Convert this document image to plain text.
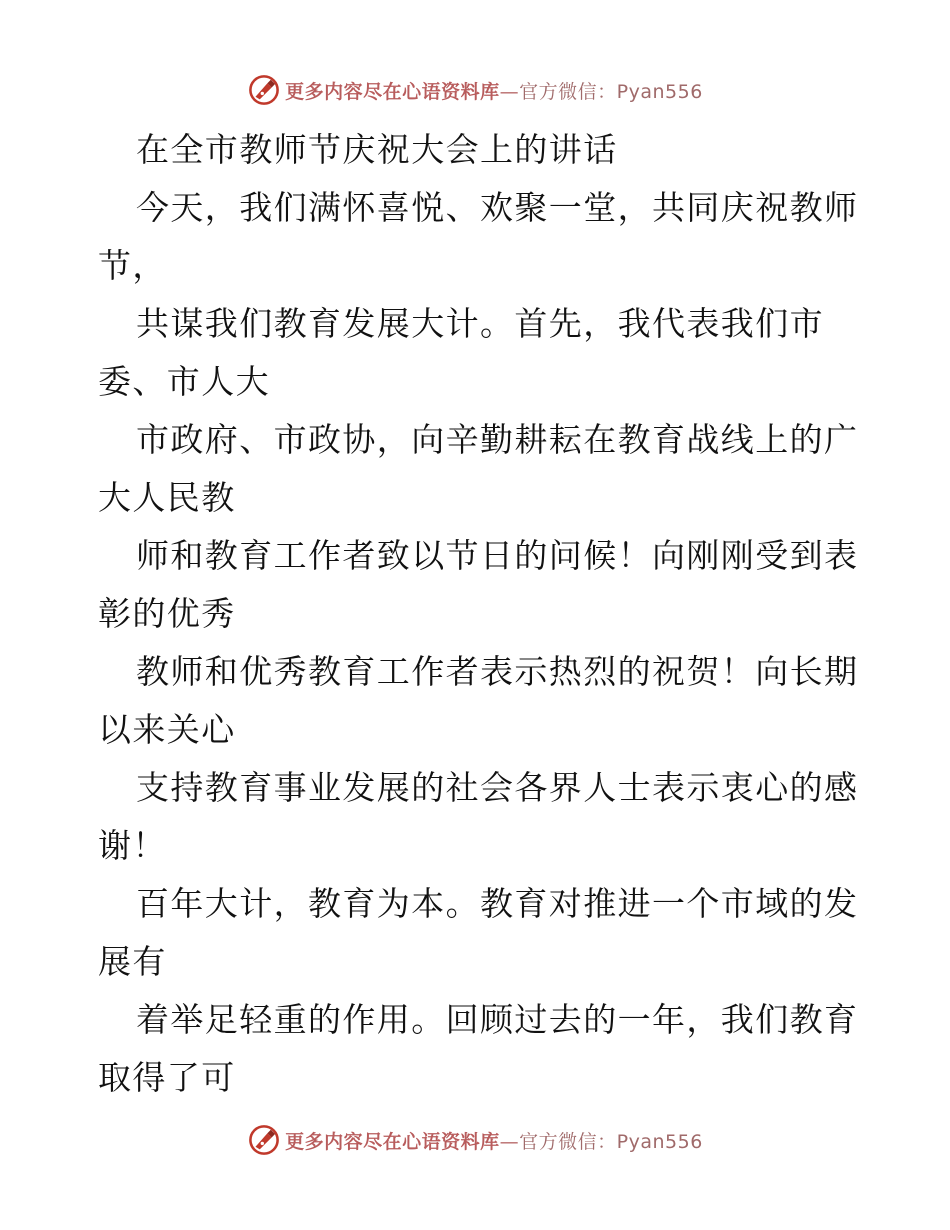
更多内容尽在心语资料库—官方微信：Pyan556
在全市教师节庆祝大会上的讲话
今天，我们满怀喜悦、欢聚一堂，共同庆祝教师
节，
共谋我们教育发展大计。首先，我代表我们市
委、市人大
市政府、市政协，向辛勤耕耘在教育战线上的广
大人民教
师和教育工作者致以节日的问候！向刚刚受到表
彰的优秀
教师和优秀教育工作者表示热烈的祝贺！向长期
以来关心
支持教育事业发展的社会各界人士表示衷心的感
谢！
百年大计，教育为本。教育对推进一个市域的发
展有
着举足轻重的作用。回顾过去的一年，我们教育
取得了可
更多内容尽在心语资料库—官方微信：Pyan556
